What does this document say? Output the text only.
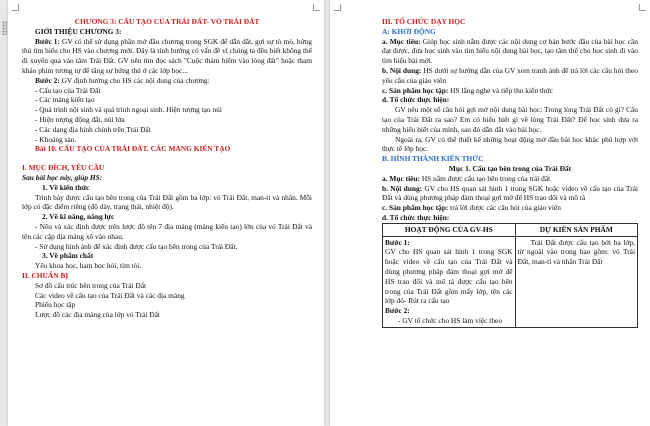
CHƯƠNG 3: CẤU TẠO CỦA TRÁI ĐẤT- VỎ TRÁI ĐẤT

GIỚI THIỆU CHƯƠNG 3:

Bước 1: GV có thể sử dụng phần mở đầu chương trong SGK để dẫn dắt, gợi sự tò mò, hứng thú tìm hiểu cho HS vào chương mới. Đây là tính hướng có vấn đề vì chúng ta đều biết không thể đi xuyên qua vào tâm Trái Đất. GV nên tìm đọc sách "Cuộc thám hiểm vào lòng đất" hoặc tham khảo phim tương tự để tăng sự hứng thú ở các lớp học...

Bước 2: GV định hướng cho HS các nội dung của chương:

- Cấu tạo của Trái Đất

- Các mảng kiến tạo

- Quá trình nội sinh và quá trình ngoại sinh. Hiện tượng tạo núi

- Hiện tượng động đất, núi lửa

- Các dạng địa hình chính trên Trái Đất

- Khoáng sản.

Bài 10. CẤU TẠO CỦA TRÁI ĐẤT. CÁC MẢNG KIẾN TẠO

I. MỤC ĐÍCH, YÊU CẦU

Sau bài học này, giúp HS:

1. Về kiến thức

Trình bày được cấu tạo bên trong của Trái Đất gồm ba lớp: vỏ Trái Đất, man-ti và nhân. Mỗi lớp có đặc điểm riêng (độ dày, trạng thái, nhiệt độ).

2. Về kĩ năng, năng lực

- Nêu và xác định được trên lược đồ tên 7 địa mảng (mảng kiến tạo) lớn của vỏ Trái Đất và tên các cặp địa mảng xô vào nhau.

- Sử dụng hình ảnh để xác định được cấu tạo bên trong của Trái Đất.

3. Về phẩm chất

Yêu khoa học, ham học hỏi, tìm tòi.

II. CHUẨN BỊ

Sơ đồ cấu trúc bên trong của Trái Đất

Các video về cấu tạo của Trái Đất và các địa mảng

Phiếu học tập

Lược đồ các địa mảng của lớp vỏ Trái Đất

III. TỔ CHỨC DẠY HỌC

A: KHỞI ĐỘNG

a. Mục tiêu: Giúp học sinh nắm được các nội dung cơ bản bước đầu của bài học cần đạt được, đưa học sinh vào tìm hiểu nội dung bài học, tạo tâm thế cho học sinh đi vào tìm hiểu bài mới.

b. Nội dung: HS dưới sự hướng dẫn của GV xem tranh ảnh để trả lời các câu hỏi theo yêu cầu của giáo viên

c. Sản phẩm học tập: HS lắng nghe và tiếp thu kiến thức

d. Tổ chức thực hiện:

GV nêu một số câu hỏi gợi mở nội dung bài học: Trong lòng Trái Đất có gì? Cấu tạo của Trái Đất ra sao? Em có hiểu biết gì về lòng Trái Đất? Để học sinh đưa ra những hiểu biết của mình, sau đó dẫn dắt vào bài học.

Ngoài ra, GV có thể thiết kế những hoạt động mở đầu bài học khác phù hợp với thực tế lớp học.

B. HÌNH THÀNH KIẾN THỨC

Mục 1. Cấu tạo bên trong của Trái Đất

a. Mục tiêu: HS nắm được cấu tạo bên trong của trái đất

b. Nội dung: GV cho HS quan sát hình 1 trong SGK hoặc video về cấu tạo của Trái Đất và dùng phương pháp đàm thoại gợi mở để HS trao đổi và mô tả

c. Sản phẩm học tập: trả lời được các câu hỏi của giáo viên

d. Tổ chức thực hiện:

HOẠT ĐỘNG CỦA GV-HS	DỰ KIẾN SẢN PHẨM

Bước 1:

GV cho HS quan sát hình 1 trong SGK hoặc video về cấu tạo của Trái Đất và dùng phương pháp đàm thoại gợi mở để HS trao đổi và mô tả được cấu tạo bên trong của Trái Đất gồm mấy lớp, tên các lớp đó- Rút ra cấu tạo

Bước 2:

- GV tổ chức cho HS làm việc theo	Trái Đất được cấu tạo bởi ba lớp, từ ngoài vào trong bao gồm: vỏ Trái Đất, man-ti và nhân Trái Đất
